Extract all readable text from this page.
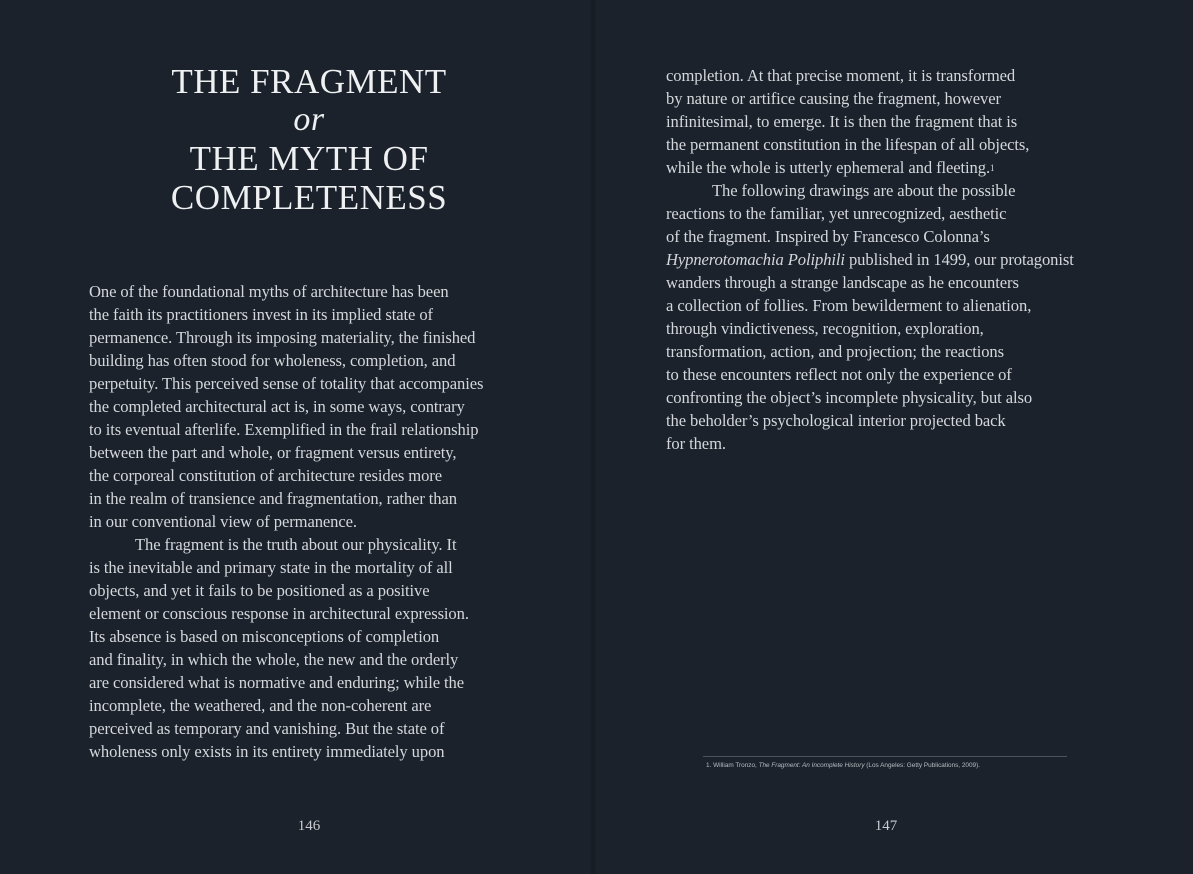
THE FRAGMENT
or
THE MYTH OF
COMPLETENESS
One of the foundational myths of architecture has been
the faith its practitioners invest in its implied state of
permanence. Through its imposing materiality, the finished
building has often stood for wholeness, completion, and
perpetuity. This perceived sense of totality that accompanies
the completed architectural act is, in some ways, contrary
to its eventual afterlife. Exemplified in the frail relationship
between the part and whole, or fragment versus entirety,
the corporeal constitution of architecture resides more
in the realm of transience and fragmentation, rather than
in our conventional view of permanence.
The fragment is the truth about our physicality. It
is the inevitable and primary state in the mortality of all
objects, and yet it fails to be positioned as a positive
element or conscious response in architectural expression.
Its absence is based on misconceptions of completion
and finality, in which the whole, the new and the orderly
are considered what is normative and enduring; while the
incomplete, the weathered, and the non-coherent are
perceived as temporary and vanishing. But the state of
wholeness only exists in its entirety immediately upon
146
completion. At that precise moment, it is transformed
by nature or artifice causing the fragment, however
infinitesimal, to emerge. It is then the fragment that is
the permanent constitution in the lifespan of all objects,
while the whole is utterly ephemeral and fleeting.$^1$
The following drawings are about the possible
reactions to the familiar, yet unrecognized, aesthetic
of the fragment. Inspired by Francesco Colonna’s
Hypnerotomachia Poliphili published in 1499, our protagonist
wanders through a strange landscape as he encounters
a collection of follies. From bewilderment to alienation,
through vindictiveness, recognition, exploration,
transformation, action, and projection; the reactions
to these encounters reflect not only the experience of
confronting the object’s incomplete physicality, but also
the beholder’s psychological interior projected back
for them.
1. William Tronzo, The Fragment: An Incomplete History (Los Angeles: Getty Publications, 2009).
147
